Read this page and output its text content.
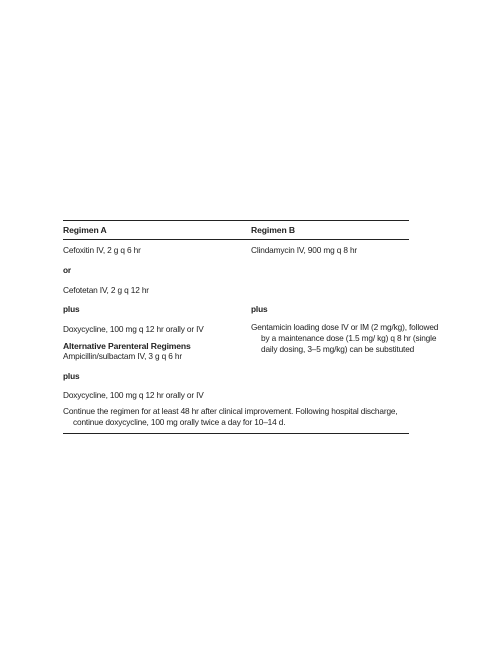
Regimen A	Regimen B
Cefoxitin IV, 2 g q 6 hr
or
Cefotetan IV, 2 g q 12 hr
plus
Doxycycline, 100 mg q 12 hr orally or IV
Alternative Parenteral Regimens
Ampicillin/sulbactam IV, 3 g q 6 hr
plus
Doxycycline, 100 mg q 12 hr orally or IV
Clindamycin IV, 900 mg q 8 hr
plus
Gentamicin loading dose IV or IM (2 mg/kg), followed by a maintenance dose (1.5 mg/ kg) q 8 hr (single daily dosing, 3–5 mg/kg) can be substituted
Continue the regimen for at least 48 hr after clinical improvement. Following hospital discharge, continue doxycycline, 100 mg orally twice a day for 10–14 d.
